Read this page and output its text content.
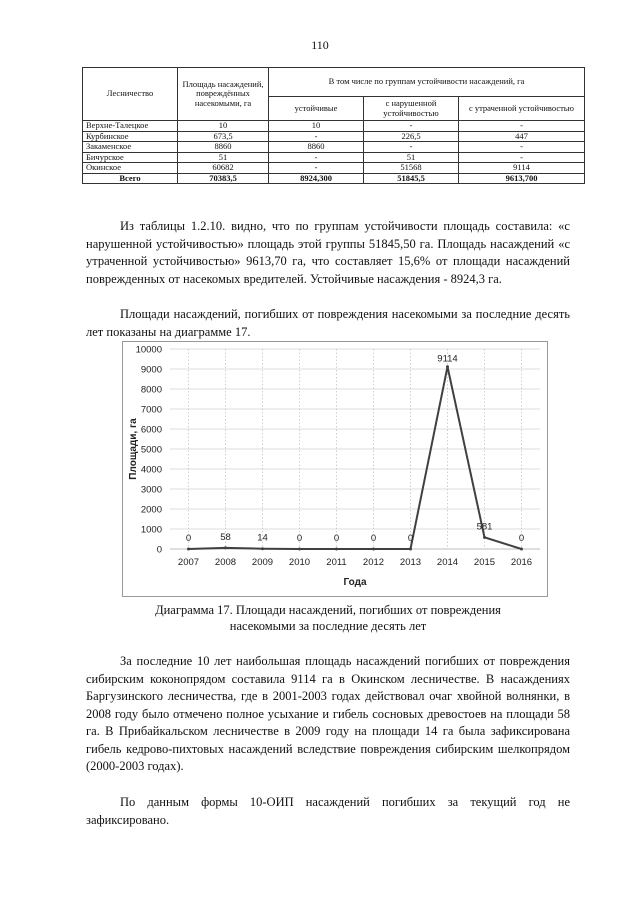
110
Лесничество	Площадь насаждений, повреждённых насекомыми, га	В том числе по группам устойчивости насаждений, га		
		устойчивые	с нарушенной устойчивостью	с утраченной устойчивостью
Верхне-Талецкое	10	10	-	-
Курбинское	673,5	-	226,5	447
Закаменское	8860	8860	-	-
Бичурское	51	-	51	-
Окинское	60682	-	51568	9114
Всего	70383,5	8924,300	51845,5	9613,700

Из таблицы 1.2.10. видно, что по группам устойчивости площадь составила: «с нарушенной устойчивостью» площадь этой группы 51845,50 га. Площадь насаждений «с утраченной устойчивостью» 9613,70 га, что составляет 15,6% от площади насаждений поврежденных от насекомых вредителей. Устойчивые насаждения - 8924,3 га.

Площади насаждений, погибших от повреждения насекомыми за последние десять лет показаны на диаграмме 17.

0
1000
2000
3000
4000
5000
6000
7000
8000
9000
10000
2007 2008 2009 2010 2011 2012 2013 2014 2015 2016
0	58	14	0	0	0	0
9114
581
0
Года
Площади, га
Диаграмма 17. Площади насаждений, погибших от повреждения
насекомыми за последние десять лет

За последние 10 лет наибольшая площадь насаждений погибших от повреждения сибирским коконопрядом составила 9114 га в Окинском лесничестве. В насаждениях Баргузинского лесничества, где в 2001-2003 годах действовал очаг хвойной волнянки, в 2008 году было отмечено полное усыхание и гибель сосновых древостоев на площади 58 га. В Прибайкальском лесничестве в 2009 году на площади 14 га была зафиксирована гибель кедрово-пихтовых насаждений вследствие повреждения сибирским шелкопрядом (2000-2003 годах).

По данным формы 10-ОИП насаждений погибших за текущий год не зафиксировано.
